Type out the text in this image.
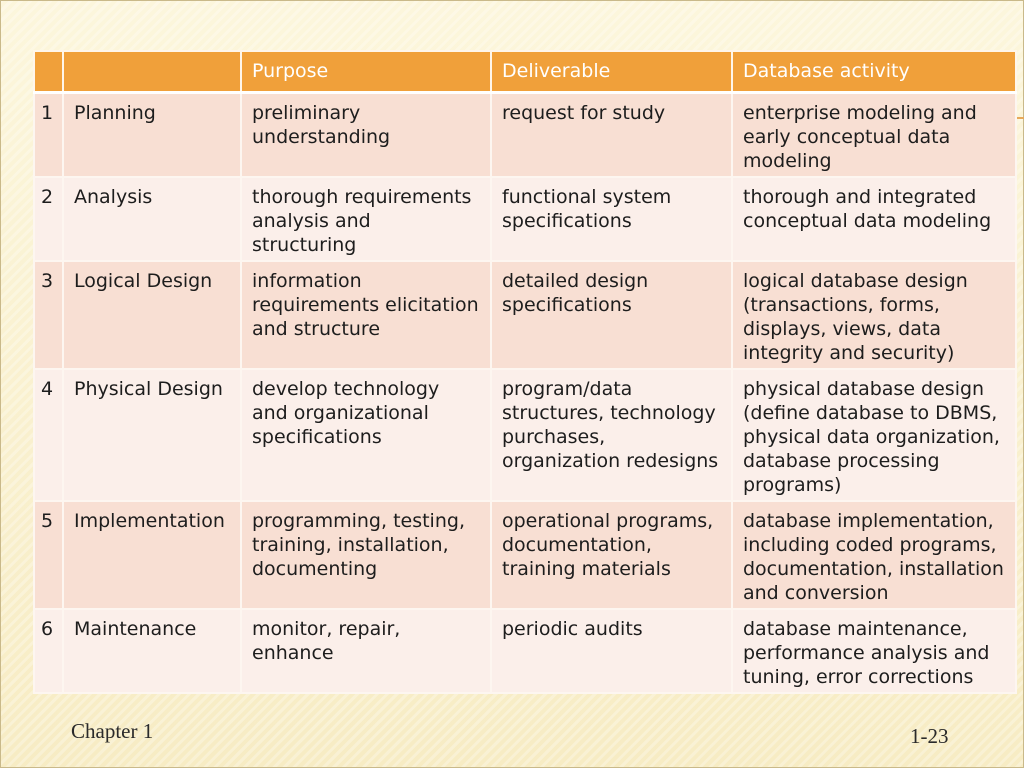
		Purpose	Deliverable	Database activity
1	Planning	preliminary understanding	request for study	enterprise modeling and early conceptual data modeling
2	Analysis	thorough requirements analysis and structuring	functional system specifications	thorough and integrated conceptual data modeling
3	Logical Design	information requirements elicitation and structure	detailed design specifications	logical database design (transactions, forms, displays, views, data integrity and security)
4	Physical Design	develop technology and organizational specifications	program/data structures, technology purchases, organization redesigns	physical database design (define database to DBMS, physical data organization, database processing programs)
5	Implementation	programming, testing, training, installation, documenting	operational programs, documentation, training materials	database implementation, including coded programs, documentation, installation and conversion
6	Maintenance	monitor, repair, enhance	periodic audits	database maintenance, performance analysis and tuning, error corrections
Chapter 1	1-23
